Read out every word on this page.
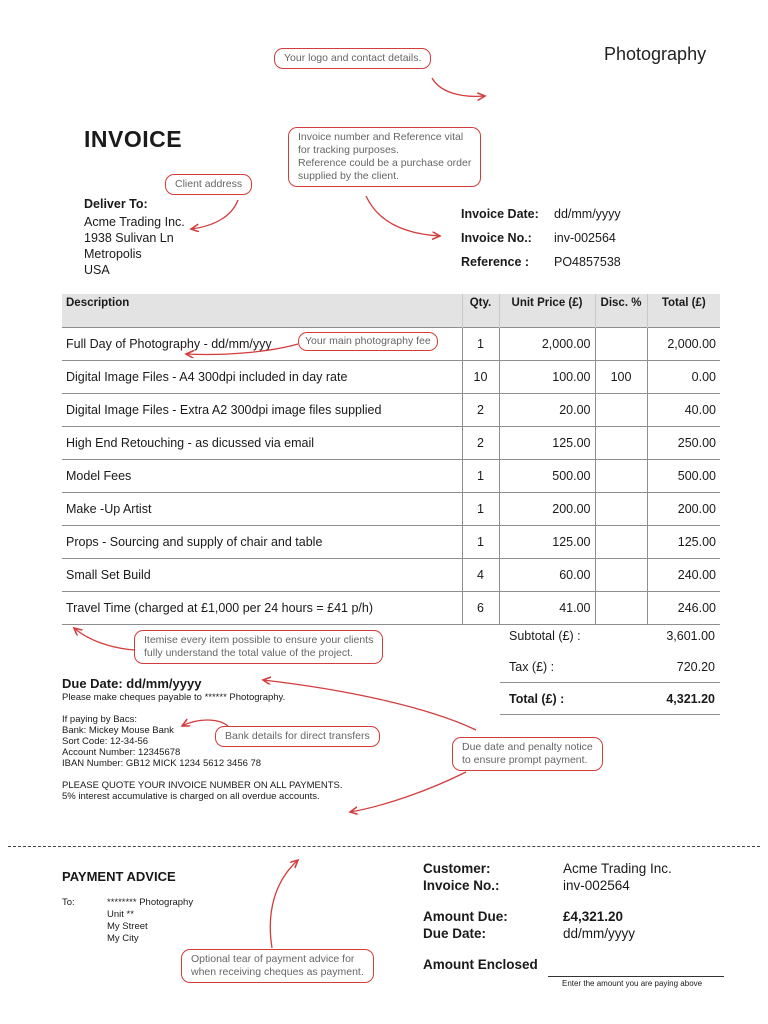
Photography
INVOICE
Deliver To:
Acme Trading Inc.
1938 Sulivan Ln
Metropolis
USA
Invoice Date:	dd/mm/yyyy
Invoice No.:	inv-002564
Reference :	PO4857538
Description	Qty.	Unit Price (£)	Disc. %	Total (£)
Full Day of Photography - dd/mm/yyy	1	2,000.00		2,000.00
Digital Image Files - A4 300dpi included in day rate	10	100.00	100	0.00
Digital Image Files - Extra A2 300dpi image files supplied	2	20.00		40.00
High End Retouching - as dicussed via email	2	125.00		250.00
Model Fees	1	500.00		500.00
Make -Up Artist	1	200.00		200.00
Props - Sourcing and supply of chair and table	1	125.00		125.00
Small Set Build	4	60.00		240.00
Travel Time (charged at £1,000 per 24 hours = £41 p/h)	6	41.00		246.00
Subtotal (£) :	3,601.00
Tax (£) :	720.20
Total (£) :	4,321.20
Due Date: dd/mm/yyyy
Please make cheques payable to ****** Photography.
If paying by Bacs:
Bank: Mickey Mouse Bank
Sort Code: 12-34-56
Account Number: 12345678
IBAN Number: GB12 MICK 1234 5612 3456 78
PLEASE QUOTE YOUR INVOICE NUMBER ON ALL PAYMENTS.
5% interest accumulative is charged on all overdue accounts.
PAYMENT ADVICE
To:	******** Photography
Unit **
My Street
My City
Customer:	Acme Trading Inc.
Invoice No.:	inv-002564
Amount Due:	£4,321.20
Due Date:	dd/mm/yyyy
Amount Enclosed
Enter the amount you are paying above
Your logo and contact details.
Invoice number and Reference vital
for tracking purposes.
Reference could be a purchase order
supplied by the client.
Client address
Your main photography fee
Itemise every item possible to ensure your clients
fully understand the total value of the project.
Bank details for direct transfers
Due date and penalty notice
to ensure prompt payment.
Optional tear of payment advice for
when receiving cheques as payment.
